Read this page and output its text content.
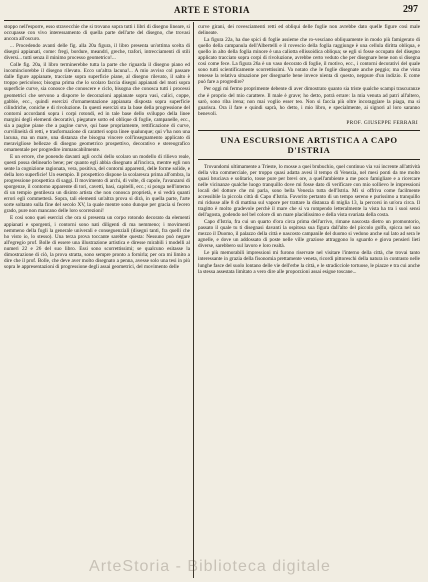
ARTE E STORIA	297

stoppo nell'esporre, esso stravecchie che si trovano sopra tutti i libri di disegno lineare, si occupasse con vivo interessamento di quella parte dell'arte del disegno, che trovasi ancora all'oscuro.

... Procedendo avanti delle fig. alla 20a figura, il libro presenta un'ottima scelta di disegni appianati, come: fregi, bordure, meandri, greche, trafori, intrecciamenti di stili diversi... tutti senza il minimo processo geometrico!...

Colle fig. 20a, il libro terminerebbe tutta la parte che riguarda il disegno piano ed incominciorebbe il disegno rilevato. Ecco un'altra lacuna!... A mio avviso col passare dalle figure appianate, tracciate sopra superficie piane, al disegno rilevato, il salto è troppo pericoloso; bisogna prima che lo scolaro faccia disegni appianati del moti sopra superficie curve, sia conosce che conoscere e ciclo, bisogna che conosca tutti i processi geometrici che servono a disporre le decorazioni appianate sopra vasi, calici, coppe, gabbie, ecc., quindi esercizi d'ornamentazione appianata disposta sopra superficie cilindriche, coniche e di rivoluzione. In questi esercizi sta la base della progressione del contorni accordanti sopra i corpi rotondi, ed in tale base dello sviluppo della linee margini degli elementi decorativi, piegature sotto ed oblique di foglie, campanelle, ecc., sia a pagine piane che a pagine curve, qui base propriamente, rettificazione di curve, curvilineità di retti, e trasformazione di caratteri sopra linee qualunque; qui v'ha non una lacuna, ma un mare, una distanza che bisogna vincere coll'insegnamento applicato di meravigliose bellezze di disegno geometrico prospettivo, decorativo e stereografico ornamentale per progredire immancabilmente.

E un errore, che ponendo davanti agli occhi dello scolaro un modello di rilievo reale, questi possa delinearlo bene; per quanto egli abbia disegnato all'incirca, mentre egli non sente la cognizione ragionata, vera, positiva, del contorni apparenti, delle forme solide, e della loro superficie! Un esempio. Il prospettico dispone la scolaresca prima all'ombra, la progressione prospettica di saggi. Il movimento di archi, di volte, di capole, l'avanzarsi di sporgenze, il contorno apparente di tori, cavetti, basi, capitelli, ecc.; si ponga nell'interno di un tempio gentilesca un disinto artista che non conosca proprietà, e si vedrà quanti errori egli commetterà. Sopra, tali elementi un'altra prova si dirà, in quella parte, l'arte sorte soltanto sulla fine del secolo XV, la quale mentre sono dunque per gracia si fecero grado, pure non mancano delle loro scorrezioni!

E così sono quei esercizi che ora si presenta un corpo rotondo decorato da elementi appianati e sporgenti, i contorni sono nati diligenti di ma nemmeno; i movimenti nemmeno della fogli la generale univerali e conseguenziali (disegni tanti, fra quelli che ho visto io, lo stesso). Una terza prova toccante sarebbe questa: Nessuno può negare all'egregio prof. Bolle di essere una illustrazione artistica e diresse mirabili i modelli al numeri 22 e 26 del suo libro. Essi sono scorrettissimi; se qualcuno esitasse la dimostrazione di ciò, la prova stratta, sono sempre pronto a fornirla; per ora mi limito a dire che il prof. Bolle, che deve aver molto disegnato a penna, avesse solo una tesi in più sopra le appresentazioni di progressione degli assai geometrici, del movimento delle

curve girani, dei rovesciamenti retti ed obliqui delle foglie non avrebbe dato quelle figure così male delineate.

La figura 22a, ha due spici di foglie assieme che ro-vesciano obliquamente in modo più famigerato di quello della campanula dell'Albertelli e il rovescio della foglia raggiunge è una cellula diritta obliqua, e quello in alto della foglia minore è una caliotta ellissoidica obliqua; se egli si fosse occupato del disegno applicato tracciato sopra corpi di rivoluzione, avrebbe certo veduto che per disegnare bene non si disegna così come fece. La figura 26a è un vaso decorato di foglie, il motivo, ecc., i contorni decorativi del quale sono tutti scientificamente scorrettissimi. Va notato che le foglie disegnate anche peggio; ma che vista tenesse la relativa situazione per disegnarle bene invece nienta di questo, neppure d'un indizio. E come può fare a progredire?

Per oggi mi fermo proprimente debente di aver dimostrato quanto sia triste qualche scampi trascuranze che è proprio del mio carattere. Il male è grave; ho detto, potrà errare: la mia venuta ad patri all'altero, sarò, sono riba irena; non mai voglio esser teo. Non si faccia più oltre incoraggiare la piaga, ma si guarisca. Ora il fare e quindi saprà, ho detto, i mio libro, e specialmente, ai signori al loro saranno benevoli.

PROF. GIUSEPPE FERRARI
UNA ESCURSIONE ARTISTICA A CAPO D'ISTRIA

Trovandomi ultimamente a Trieste, lo mosse a quei brubuchio, quel continuo via vai incrente all'attività della vita commerciale, per troppo quasi adatta avesi il tempo di Venezia, nel mesi ponti da me molto quasi bruciava e solitario, tosse pure per brevi ore, a quell'ambiente a me poco famigliare e a ricercare nelle vicinanze qualche luogo tranquillo dove mi fosse dato di verificare con mio sollievo le impressioni locali del dottore che mi parla, sono bella Venezia tutta dell'Istria. Mi si offriva come facilmente accessibile la piccola città di Capo d'Istria. Favorito pertanto di un tempo sereno e purissimo a tranquillo mi ridusse alle 8 di mattina sul vapore per trattare la distanza di miglia 13, la percorsi in un'ora circa. Il tragitto è molto gradevole perchè il mare che si va rompendo letteralmente la vista ha tra i suoi sensi dell'agosta, godendo nel bel colore di un mare placidissimo e della vista svariata della costa.

Capo d'Istria, fra cui un quarto d'ora circa prima dell'arrivo, rimane nascosta dietro un promontorio, passato il quale tu ti disegnasi davanti la ospitosa sua figura dall'alto del piccolo golfo, spicca nel suo mezzo il Duomo, il palazzo della città e nascosto campanile del duomo si vedono anche sul lato ad sera le agnelle, e dove un addossato di poste nelle ville graziose attraggono lo sguardo e giova pensieri lieti diverse, sarebbero sul lavoro e loro realtà.

Le più memorabili impressioni mi furono riservate nel visitare l'interno della città, che trovai tanto interessante in grazia della fisonomia prettamente veneta, ricordi pittoreschi della natura in contrasto nelle lunghe fasce del suolo lontano delle vie dell'erbe la città, e le stradicciole tortuose, le piazze e tra cui anche la stessa assestata limitato a vero dire alle proporzioni assai esigue toscane...

ArteStoria - Biblioteca digitale
